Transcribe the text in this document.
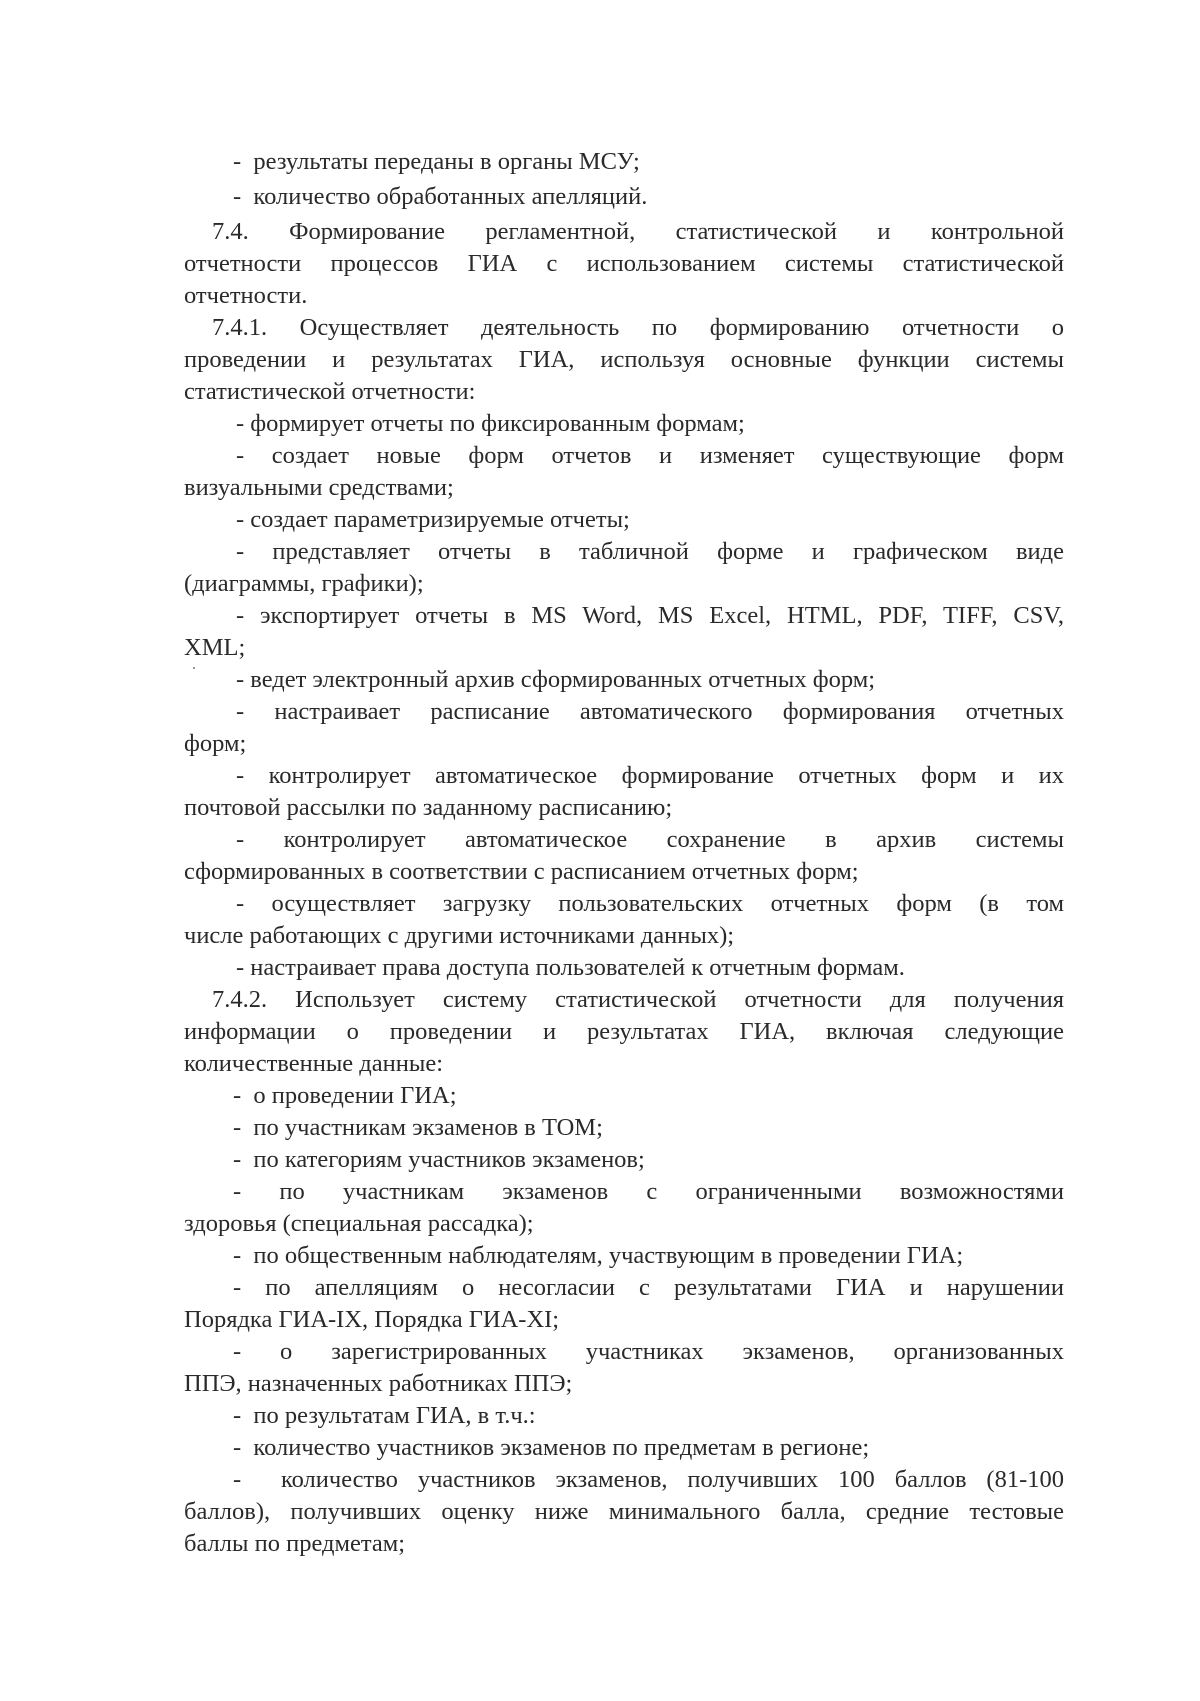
-  результаты переданы в органы МСУ;
-  количество обработанных апелляций.
7.4. Формирование регламентной, статистической и контрольной
отчетности процессов ГИА с использованием системы статистической
отчетности.
7.4.1. Осуществляет деятельность по формированию отчетности о
проведении и результатах ГИА, используя основные функции системы
статистической отчетности:
- формирует отчеты по фиксированным формам;
- создает новые форм отчетов и изменяет существующие форм
визуальными средствами;
- создает параметризируемые отчеты;
- представляет отчеты в табличной форме и графическом виде
(диаграммы, графики);
- экспортирует отчеты в MS Word, MS Excel, HTML, PDF, TIFF, CSV,
XML;
- ведет электронный архив сформированных отчетных форм;
- настраивает расписание автоматического формирования отчетных
форм;
- контролирует автоматическое формирование отчетных форм и их
почтовой рассылки по заданному расписанию;
- контролирует автоматическое сохранение в архив системы
сформированных в соответствии с расписанием отчетных форм;
- осуществляет загрузку пользовательских отчетных форм (в том
числе работающих с другими источниками данных);
- настраивает права доступа пользователей к отчетным формам.
7.4.2. Использует систему статистической отчетности для получения
информации о проведении и результатах ГИА, включая следующие
количественные данные:
-  о проведении ГИА;
-  по участникам экзаменов в ТОМ;
-  по категориям участников экзаменов;
- по участникам экзаменов с ограниченными возможностями
здоровья (специальная рассадка);
-  по общественным наблюдателям, участвующим в проведении ГИА;
- по апелляциям о несогласии с результатами ГИА и нарушении
Порядка ГИА-IX, Порядка ГИА-XI;
- о зарегистрированных участниках экзаменов, организованных
ППЭ, назначенных работниках ППЭ;
-  по результатам ГИА, в т.ч.:
-  количество участников экзаменов по предметам в регионе;
-  количество участников экзаменов, получивших 100 баллов (81-100
баллов), получивших оценку ниже минимального балла, средние тестовые
баллы по предметам;
